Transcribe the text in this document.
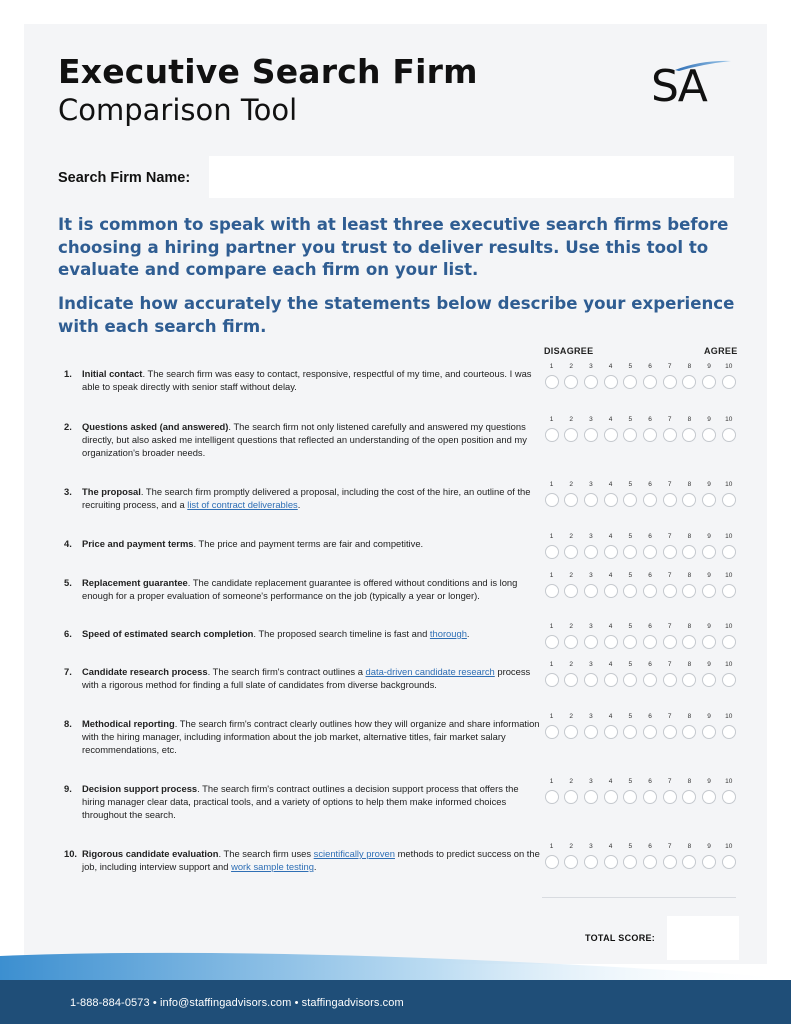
Executive Search Firm
Comparison Tool	SA
Search Firm Name:

It is common to speak with at least three executive search firms before choosing a hiring partner you trust to deliver results. Use this tool to evaluate and compare each firm on your list.

Indicate how accurately the statements below describe your experience with each search firm.

DISAGREE	AGREE
1. Initial contact. The search firm was easy to contact, responsive, respectful of my time, and courteous. I was able to speak directly with senior staff without delay.
1	2	3	4	5	6	7	8	9	10
2. Questions asked (and answered). The search firm not only listened carefully and answered my questions directly, but also asked me intelligent questions that reflected an understanding of the open position and my organization's broader needs.
1	2	3	4	5	6	7	8	9	10
3. The proposal. The search firm promptly delivered a proposal, including the cost of the hire, an outline of the recruiting process, and a list of contract deliverables.
1	2	3	4	5	6	7	8	9	10
4. Price and payment terms. The price and payment terms are fair and competitive.
1	2	3	4	5	6	7	8	9	10
5. Replacement guarantee. The candidate replacement guarantee is offered without conditions and is long enough for a proper evaluation of someone's performance on the job (typically a year or longer).
1	2	3	4	5	6	7	8	9	10
6. Speed of estimated search completion. The proposed search timeline is fast and thorough.
1	2	3	4	5	6	7	8	9	10
7. Candidate research process. The search firm's contract outlines a data-driven candidate research process with a rigorous method for finding a full slate of candidates from diverse backgrounds.
1	2	3	4	5	6	7	8	9	10
8. Methodical reporting. The search firm's contract clearly outlines how they will organize and share information with the hiring manager, including information about the job market, alternative titles, fair market salary recommendations, etc.
1	2	3	4	5	6	7	8	9	10
9. Decision support process. The search firm's contract outlines a decision support process that offers the hiring manager clear data, practical tools, and a variety of options to help them make informed choices throughout the search.
1	2	3	4	5	6	7	8	9	10
10. Rigorous candidate evaluation. The search firm uses scientifically proven methods to predict success on the job, including interview support and work sample testing.
1	2	3	4	5	6	7	8	9	10
TOTAL SCORE:
1-888-884-0573 • info@staffingadvisors.com • staffingadvisors.com
